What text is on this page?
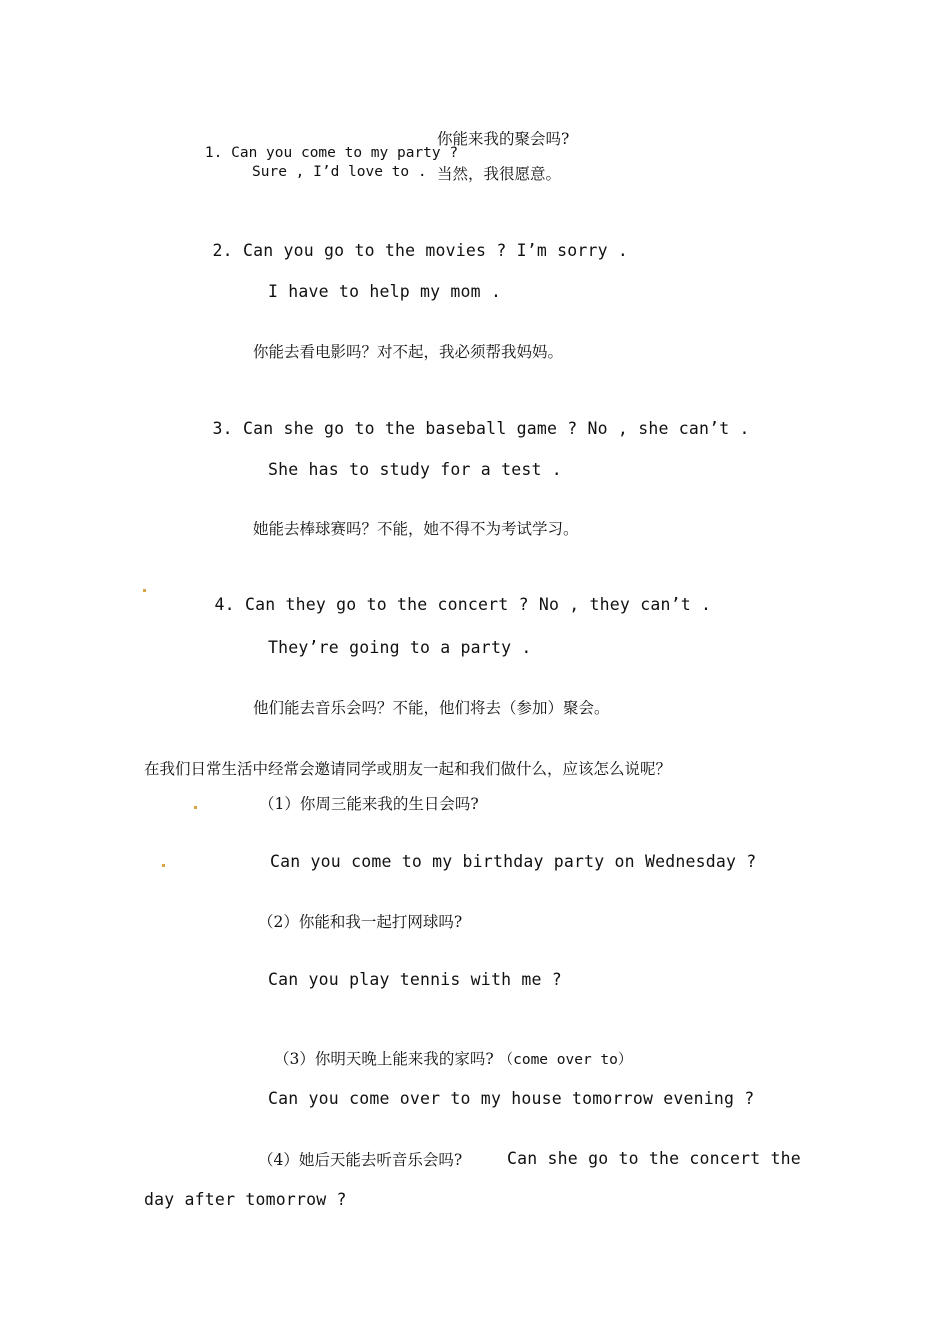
1. Can you come to my party ?

你能来我的聚会吗?
Sure , I’d love to . 当然，我很愿意。

2. Can you go to the movies ? I’m sorry .

I have to help my mom .
你能去看电影吗？对不起，我必须帮我妈妈。

3. Can she go to the baseball game ? No , she can’t .

She has to study for a test .
她能去棒球赛吗？不能，她不得不为考试学习。

4. Can they go to the concert ? No , they can’t .

They’re going to a party .
他们能去音乐会吗？不能，他们将去（参加）聚会。
在我们日常生活中经常会邀请同学或朋友一起和我们做什么，应该怎么说呢？
（1）你周三能来我的生日会吗?
Can you come to my birthday party on Wednesday ?
（2）你能和我一起打网球吗?
Can you play tennis with me ?

（3）你明天晚上能来我的家吗? （come over to）

Can you come over to my house tomorrow evening ?
（4）她后天能去听音乐会吗?	Can she go to the concert the
day after tomorrow ?
